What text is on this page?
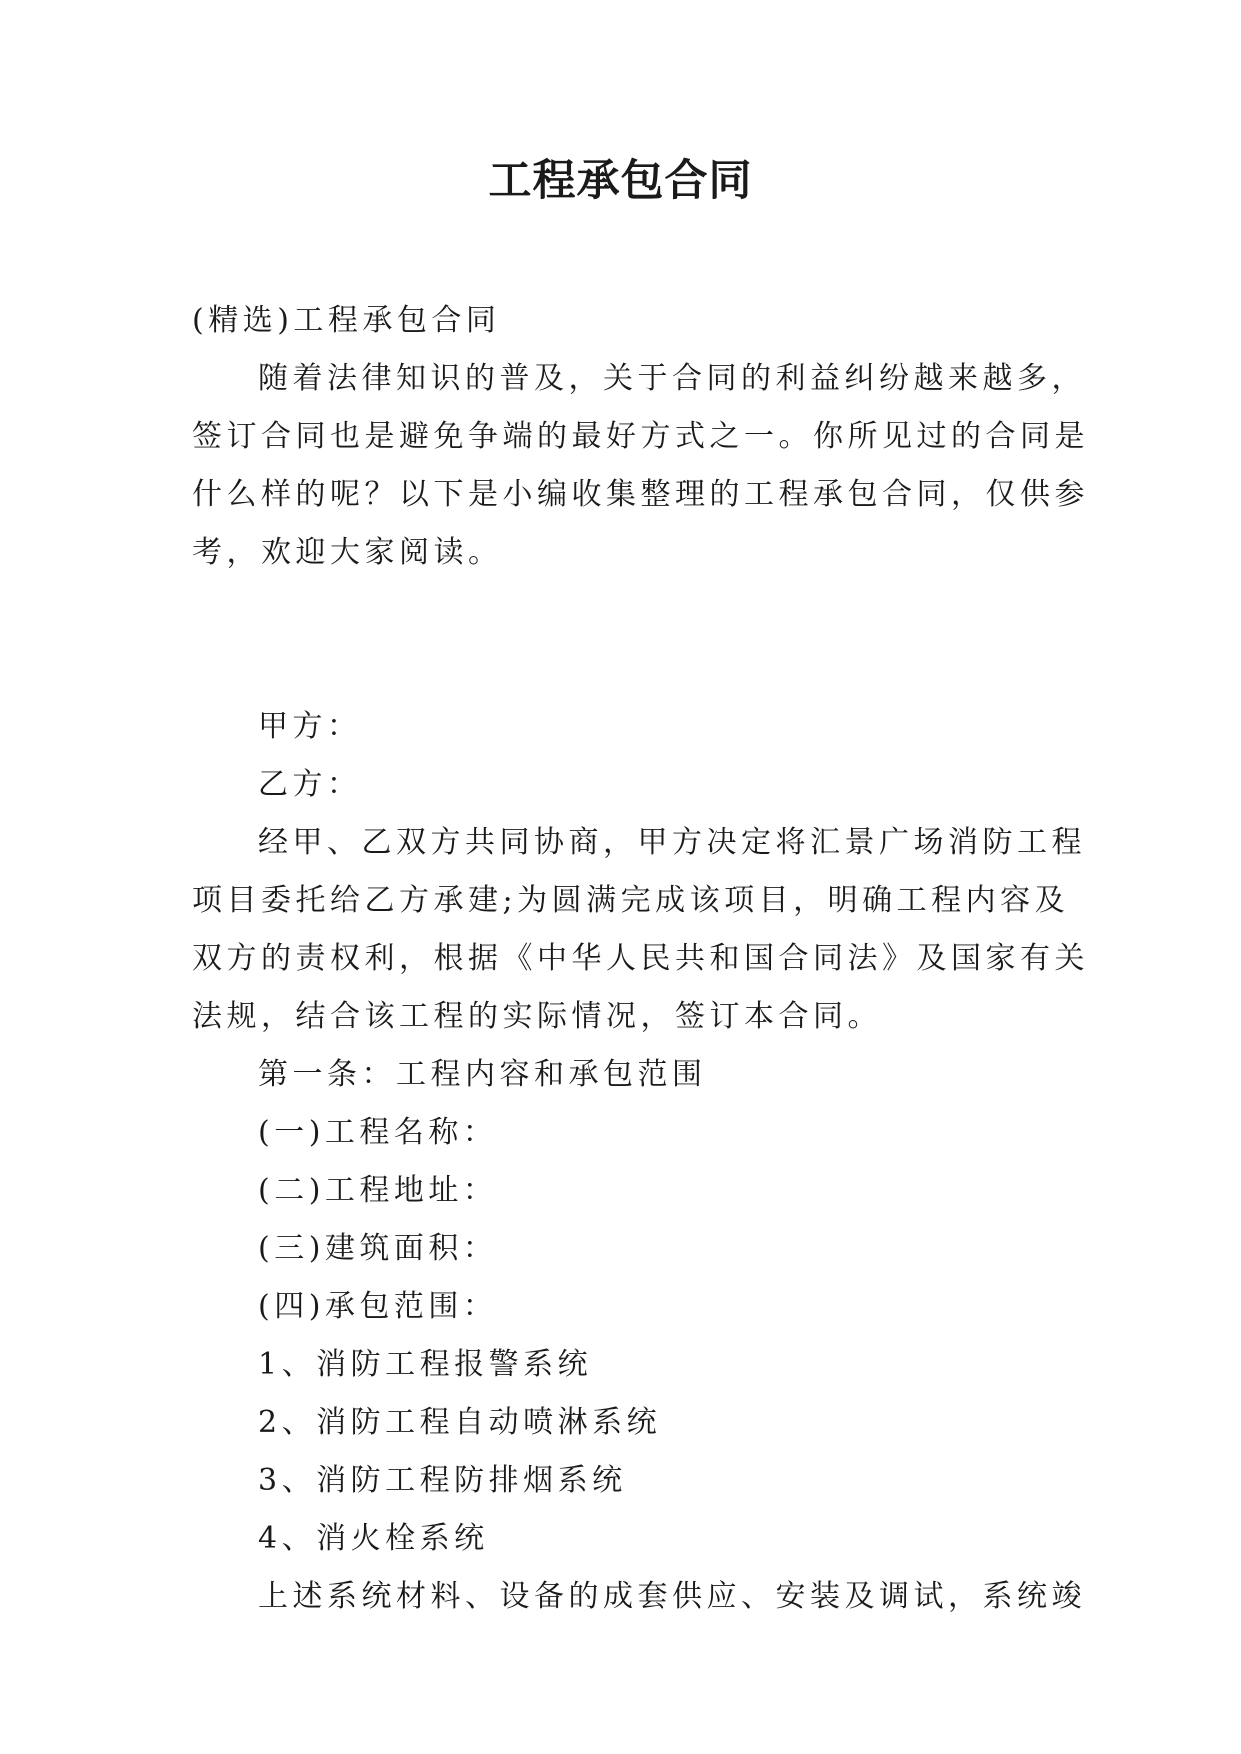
工程承包合同

(精选)工程承包合同

随着法律知识的普及，关于合同的利益纠纷越来越多，

签订合同也是避免争端的最好方式之一。你所见过的合同是

什么样的呢？以下是小编收集整理的工程承包合同，仅供参

考，欢迎大家阅读。

甲方：

乙方：

经甲、乙双方共同协商，甲方决定将汇景广场消防工程

项目委托给乙方承建;为圆满完成该项目，明确工程内容及

双方的责权利，根据《中华人民共和国合同法》及国家有关

法规，结合该工程的实际情况，签订本合同。

第一条：工程内容和承包范围

(一)工程名称：

(二)工程地址：

(三)建筑面积：

(四)承包范围：

1、消防工程报警系统

2、消防工程自动喷淋系统

3、消防工程防排烟系统

4、消火栓系统

上述系统材料、设备的成套供应、安装及调试，系统竣
